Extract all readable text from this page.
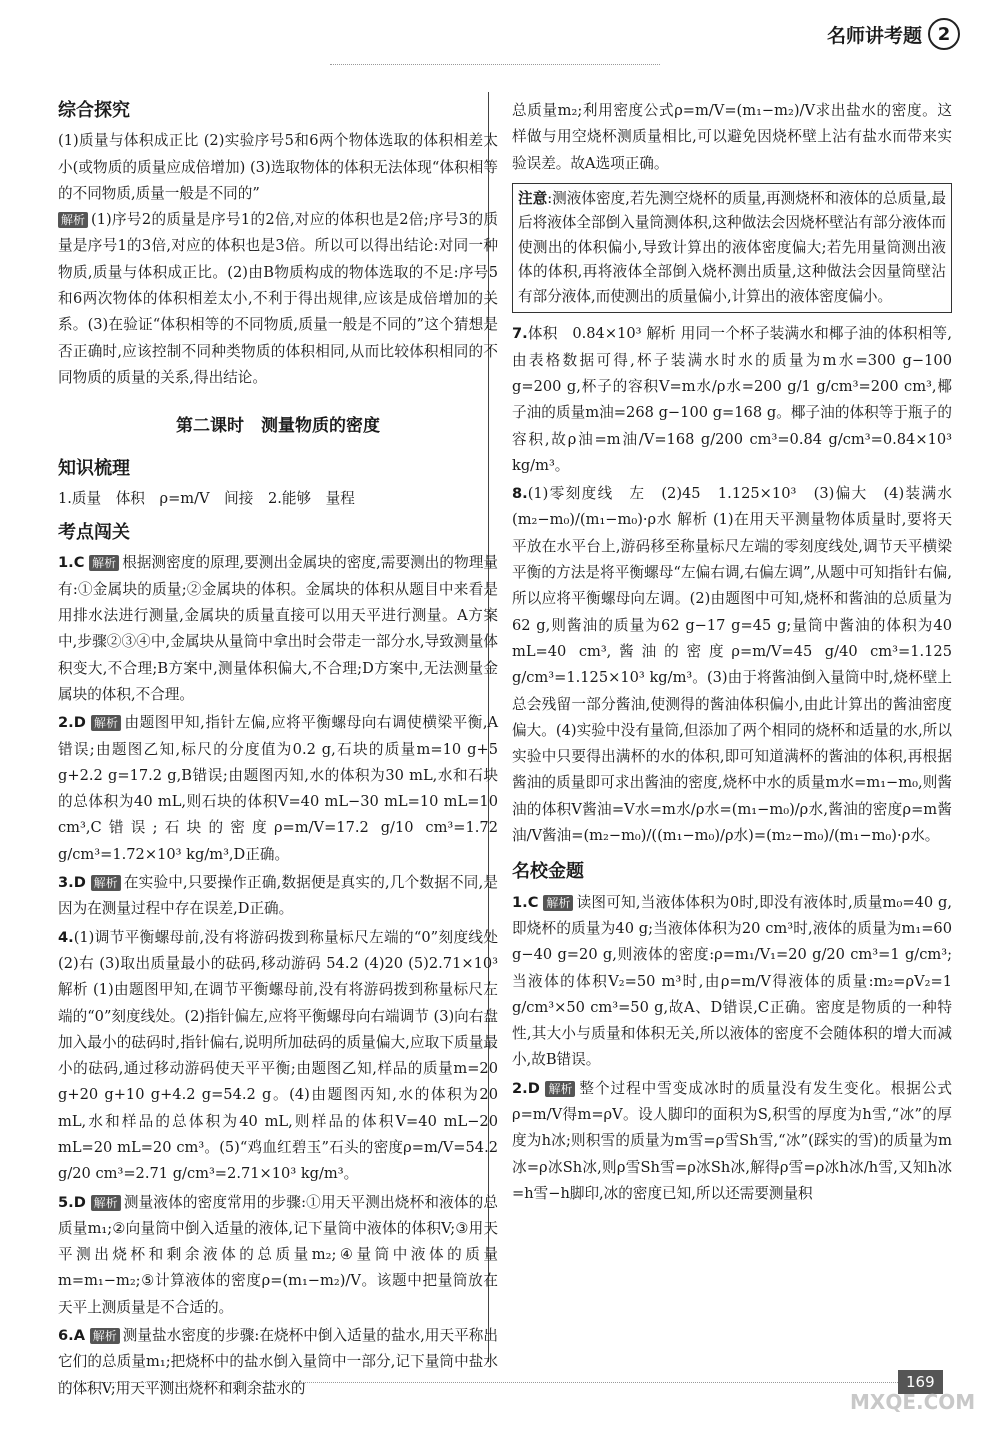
名师讲考题 2
综合探究

(1)质量与体积成正比 (2)实验序号5和6两个物体选取的体积相差太小(或物质的质量应成倍增加) (3)选取物体的体积无法体现“体积相等的不同物质,质量一般是不同的”

解析 (1)序号2的质量是序号1的2倍,对应的体积也是2倍;序号3的质量是序号1的3倍,对应的体积也是3倍。所以可以得出结论:对同一种物质,质量与体积成正比。(2)由B物质构成的物体选取的不足:序号5和6两次物体的体积相差太小,不利于得出规律,应该是成倍增加的关系。(3)在验证“体积相等的不同物质,质量一般是不同的”这个猜想是否正确时,应该控制不同种类物质的体积相同,从而比较体积相同的不同物质的质量的关系,得出结论。

第二课时　测量物质的密度
知识梳理

1.质量　体积　ρ=m/V　间接　2.能够　量程

考点闯关

1.C 解析 根据测密度的原理,要测出金属块的密度,需要测出的物理量有:①金属块的质量;②金属块的体积。金属块的体积从题目中来看是用排水法进行测量,金属块的质量直接可以用天平进行测量。A方案中,步骤②③④中,金属块从量筒中拿出时会带走一部分水,导致测量体积变大,不合理;B方案中,测量体积偏大,不合理;D方案中,无法测量金属块的体积,不合理。

2.D 解析 由题图甲知,指针左偏,应将平衡螺母向右调使横梁平衡,A错误;由题图乙知,标尺的分度值为0.2 g,石块的质量m=10 g+5 g+2.2 g=17.2 g,B错误;由题图丙知,水的体积为30 mL,水和石块的总体积为40 mL,则石块的体积V=40 mL−30 mL=10 mL=10 cm³,C错误;石块的密度ρ=m/V=17.2 g/10 cm³=1.72 g/cm³=1.72×10³ kg/m³,D正确。

3.D 解析 在实验中,只要操作正确,数据便是真实的,几个数据不同,是因为在测量过程中存在误差,D正确。

4.(1)调节平衡螺母前,没有将游码拨到称量标尺左端的“0”刻度线处 (2)右 (3)取出质量最小的砝码,移动游码 54.2 (4)20 (5)2.71×10³ 解析 (1)由题图甲知,在调节平衡螺母前,没有将游码拨到称量标尺左端的“0”刻度线处。(2)指针偏左,应将平衡螺母向右端调节 (3)向右盘加入最小的砝码时,指针偏右,说明所加砝码的质量偏大,应取下质量最小的砝码,通过移动游码使天平平衡;由题图乙知,样品的质量m=20 g+20 g+10 g+4.2 g=54.2 g。(4)由题图丙知,水的体积为20 mL,水和样品的总体积为40 mL,则样品的体积V=40 mL−20 mL=20 mL=20 cm³。(5)“鸡血红碧玉”石头的密度ρ=m/V=54.2 g/20 cm³=2.71 g/cm³=2.71×10³ kg/m³。

5.D 解析 测量液体的密度常用的步骤:①用天平测出烧杯和液体的总质量m₁;②向量筒中倒入适量的液体,记下量筒中液体的体积V;③用天平测出烧杯和剩余液体的总质量m₂;④量筒中液体的质量m=m₁−m₂;⑤计算液体的密度ρ=(m₁−m₂)/V。该题中把量筒放在天平上测质量是不合适的。

6.A 解析 测量盐水密度的步骤:在烧杯中倒入适量的盐水,用天平称出它们的总质量m₁;把烧杯中的盐水倒入量筒中一部分,记下量筒中盐水的体积V;用天平测出烧杯和剩余盐水的

总质量m₂;利用密度公式ρ=m/V=(m₁−m₂)/V求出盐水的密度。这样做与用空烧杯测质量相比,可以避免因烧杯壁上沾有盐水而带来实验误差。故A选项正确。

注意:测液体密度,若先测空烧杯的质量,再测烧杯和液体的总质量,最后将液体全部倒入量筒测体积,这种做法会因烧杯壁沾有部分液体而使测出的体积偏小,导致计算出的液体密度偏大;若先用量筒测出液体的体积,再将液体全部倒入烧杯测出质量,这种做法会因量筒壁沾有部分液体,而使测出的质量偏小,计算出的液体密度偏小。

7.体积　0.84×10³ 解析 用同一个杯子装满水和椰子油的体积相等,由表格数据可得,杯子装满水时水的质量为m水=300 g−100 g=200 g,杯子的容积V=m水/ρ水=200 g/1 g/cm³=200 cm³,椰子油的质量m油=268 g−100 g=168 g。椰子油的体积等于瓶子的容积,故ρ油=m油/V=168 g/200 cm³=0.84 g/cm³=0.84×10³ kg/m³。

8.(1)零刻度线　左　(2)45　1.125×10³　(3)偏大　(4)装满水　(m₂−m₀)/(m₁−m₀)·ρ水 解析 (1)在用天平测量物体质量时,要将天平放在水平台上,游码移至称量标尺左端的零刻度线处,调节天平横梁平衡的方法是将平衡螺母“左偏右调,右偏左调”,从题中可知指针右偏,所以应将平衡螺母向左调。(2)由题图中可知,烧杯和酱油的总质量为62 g,则酱油的质量为62 g−17 g=45 g;量筒中酱油的体积为40 mL=40 cm³,酱油的密度ρ=m/V=45 g/40 cm³=1.125 g/cm³=1.125×10³ kg/m³。(3)由于将酱油倒入量筒中时,烧杯壁上总会残留一部分酱油,使测得的酱油体积偏小,由此计算出的酱油密度偏大。(4)实验中没有量筒,但添加了两个相同的烧杯和适量的水,所以实验中只要得出满杯的水的体积,即可知道满杯的酱油的体积,再根据酱油的质量即可求出酱油的密度,烧杯中水的质量m水=m₁−m₀,则酱油的体积V酱油=V水=m水/ρ水=(m₁−m₀)/ρ水,酱油的密度ρ=m酱油/V酱油=(m₂−m₀)/((m₁−m₀)/ρ水)=(m₂−m₀)/(m₁−m₀)·ρ水。

名校金题

1.C 解析 读图可知,当液体体积为0时,即没有液体时,质量m₀=40 g,即烧杯的质量为40 g;当液体体积为20 cm³时,液体的质量为m₁=60 g−40 g=20 g,则液体的密度:ρ=m₁/V₁=20 g/20 cm³=1 g/cm³;当液体的体积V₂=50 m³时,由ρ=m/V得液体的质量:m₂=ρV₂=1 g/cm³×50 cm³=50 g,故A、D错误,C正确。密度是物质的一种特性,其大小与质量和体积无关,所以液体的密度不会随体积的增大而减小,故B错误。

2.D 解析 整个过程中雪变成冰时的质量没有发生变化。根据公式ρ=m/V得m=ρV。设人脚印的面积为S,积雪的厚度为h雪,“冰”的厚度为h冰;则积雪的质量为m雪=ρ雪Sh雪,“冰”(踩实的雪)的质量为m冰=ρ冰Sh冰,则ρ雪Sh雪=ρ冰Sh冰,解得ρ雪=ρ冰h冰/h雪,又知h冰=h雪−h脚印,冰的密度已知,所以还需要测量积

169
MXQE.COM
